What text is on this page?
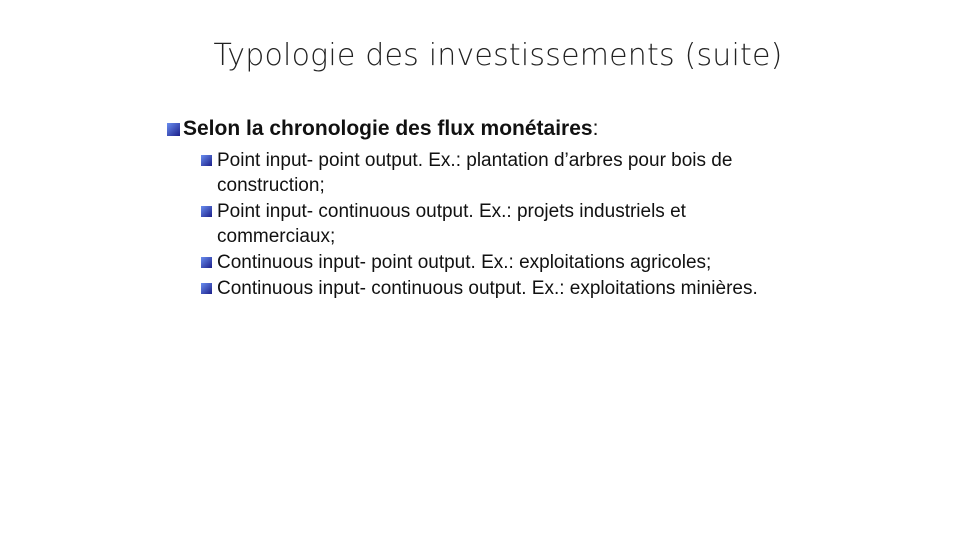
Typologie des investissements (suite)

Selon la chronologie des flux monétaires:

Point input- point output. Ex.: plantation d’arbres pour bois de construction;
Point input- continuous output. Ex.: projets industriels et commerciaux;
Continuous input- point output. Ex.: exploitations agricoles;
Continuous input- continuous output. Ex.: exploitations minières.
